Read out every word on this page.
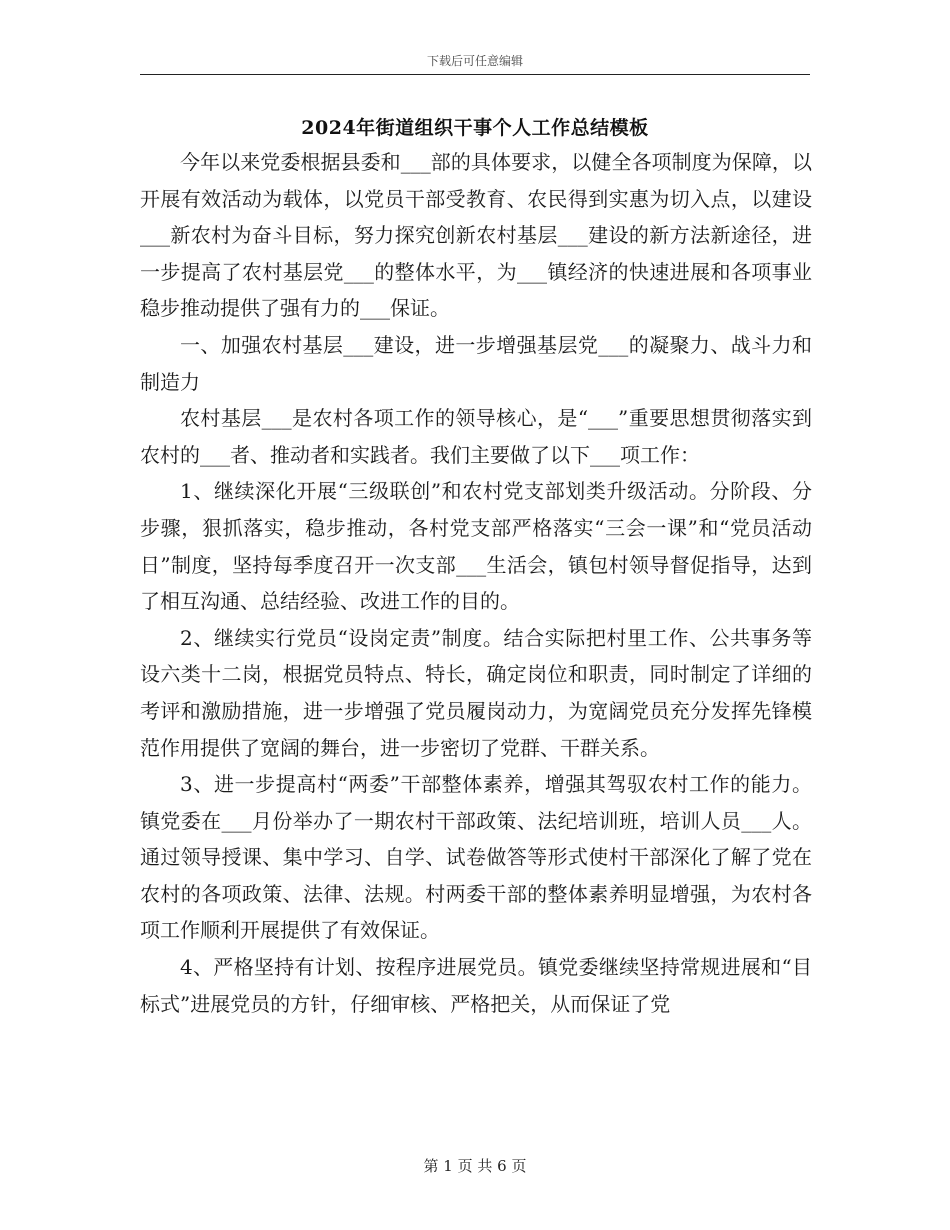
下载后可任意编辑
2024年街道组织干事个人工作总结模板

今年以来党委根据县委和___部的具体要求，以健全各项制度为保障，以开展有效活动为载体，以党员干部受教育、农民得到实惠为切入点，以建设___新农村为奋斗目标，努力探究创新农村基层___建设的新方法新途径，进一步提高了农村基层党___的整体水平，为___镇经济的快速进展和各项事业稳步推动提供了强有力的___保证。

一、加强农村基层___建设，进一步增强基层党___的凝聚力、战斗力和制造力

农村基层___是农村各项工作的领导核心，是“___”重要思想贯彻落实到农村的___者、推动者和实践者。我们主要做了以下___项工作：

1、继续深化开展“三级联创”和农村党支部划类升级活动。分阶段、分步骤，狠抓落实，稳步推动，各村党支部严格落实“三会一课”和“党员活动日”制度，坚持每季度召开一次支部___生活会，镇包村领导督促指导，达到了相互沟通、总结经验、改进工作的目的。

2、继续实行党员“设岗定责”制度。结合实际把村里工作、公共事务等设六类十二岗，根据党员特点、特长，确定岗位和职责，同时制定了详细的考评和激励措施，进一步增强了党员履岗动力，为宽阔党员充分发挥先锋模范作用提供了宽阔的舞台，进一步密切了党群、干群关系。

3、进一步提高村“两委”干部整体素养，增强其驾驭农村工作的能力。镇党委在___月份举办了一期农村干部政策、法纪培训班，培训人员___人。通过领导授课、集中学习、自学、试卷做答等形式使村干部深化了解了党在农村的各项政策、法律、法规。村两委干部的整体素养明显增强，为农村各项工作顺利开展提供了有效保证。

4、严格坚持有计划、按程序进展党员。镇党委继续坚持常规进展和“目标式”进展党员的方针，仔细审核、严格把关，从而保证了党

第 1 页 共 6 页
